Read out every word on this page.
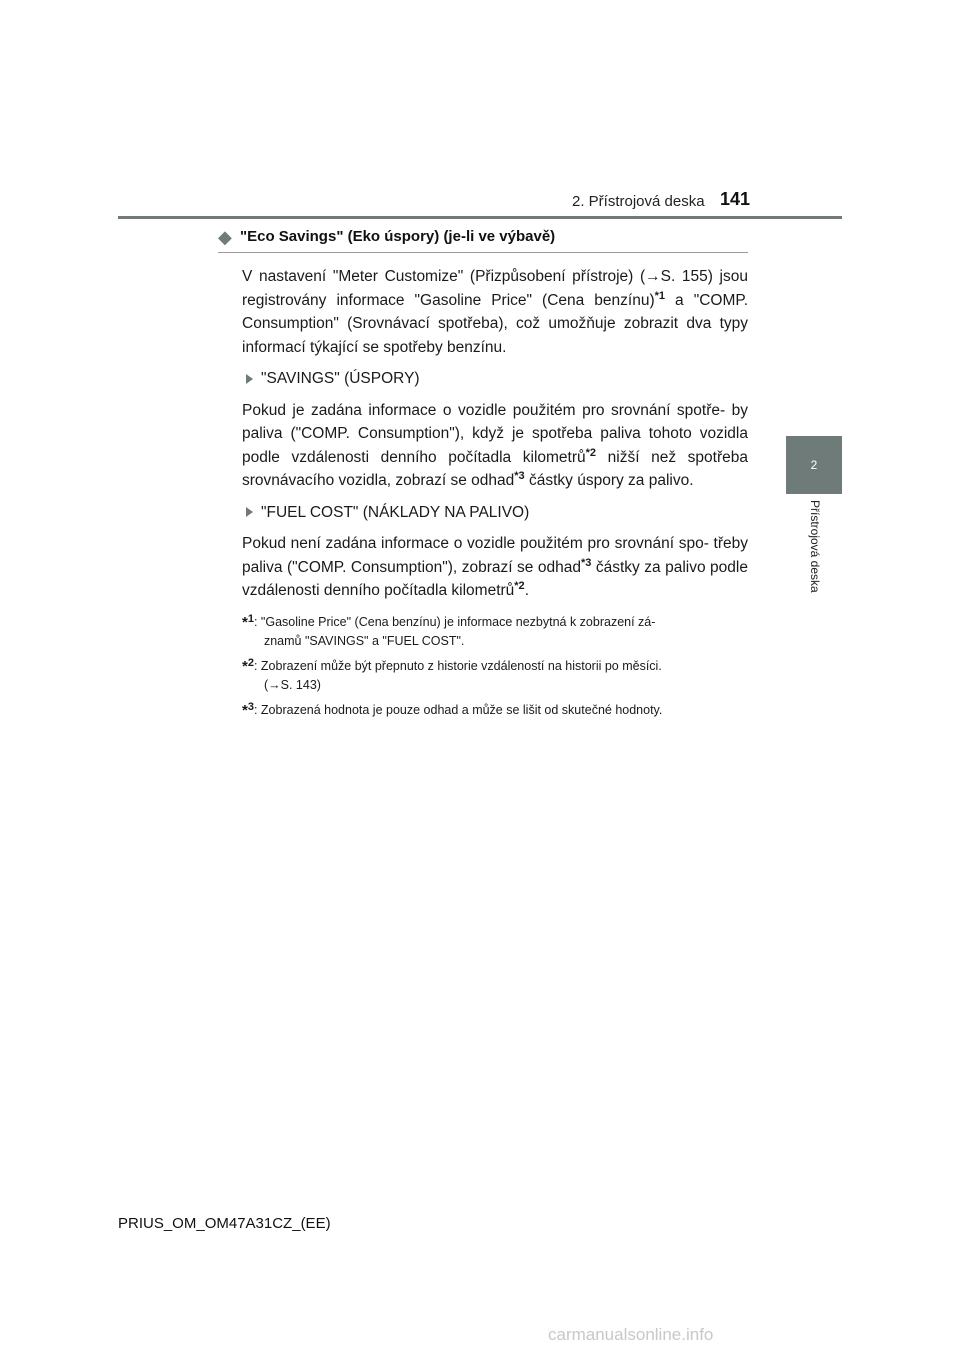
2. Přístrojová deska 141
2
Přístrojová deska
◆ "Eco Savings" (Eko úspory) (je-li ve výbavě)

V nastavení "Meter Customize" (Přizpůsobení přístroje) (→S. 155) jsou registrovány informace "Gasoline Price" (Cena benzínu)$^{*1}$ a "COMP. Consumption" (Srovnávací spotřeba), což umožňuje zobrazit dva typy informací týkající se spotřeby benzínu.

"SAVINGS" (ÚSPORY)

Pokud je zadána informace o vozidle použitém pro srovnání spotře- by paliva ("COMP. Consumption"), když je spotřeba paliva tohoto vozidla podle vzdálenosti denního počítadla kilometrů$^{*2}$ nižší než spotřeba srovnávacího vozidla, zobrazí se odhad$^{*3}$ částky úspory za palivo.

"FUEL COST" (NÁKLADY NA PALIVO)

Pokud není zadána informace o vozidle použitém pro srovnání spo- třeby paliva ("COMP. Consumption"), zobrazí se odhad$^{*3}$ částky za palivo podle vzdálenosti denního počítadla kilometrů$^{*2}$.

*$^1$ : "Gasoline Price" (Cena benzínu) je informace nezbytná k zobrazení zá-
znamů "SAVINGS" a "FUEL COST".
*$^2$ : Zobrazení může být přepnuto z historie vzdáleností na historii po měsíci.
(→S. 143)
*$^3$ : Zobrazená hodnota je pouze odhad a může se lišit od skutečné hodnoty.
PRIUS_OM_OM47A31CZ_(EE)
carmanualsonline.info
